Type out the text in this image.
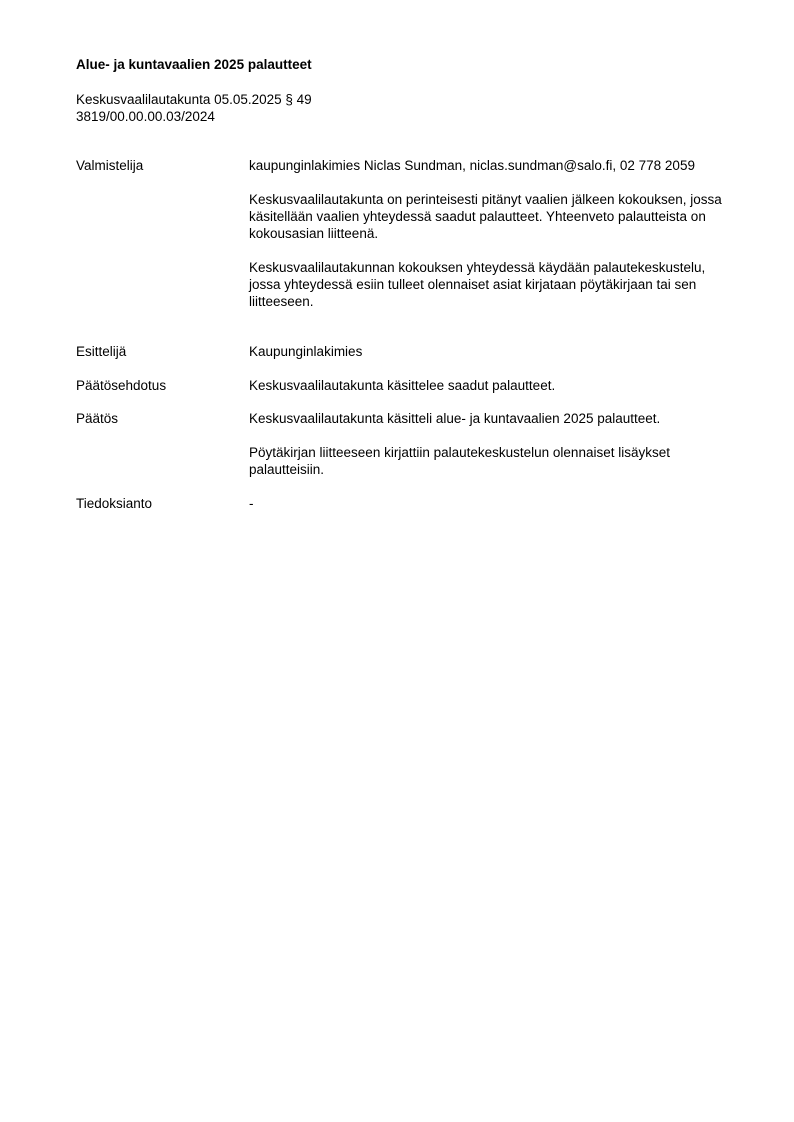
Alue- ja kuntavaalien 2025 palautteet
Keskusvaalilautakunta 05.05.2025 § 49
3819/00.00.00.03/2024
Valmistelija	kaupunginlakimies Niclas Sundman, niclas.sundman@salo.fi, 02 778 2059

Keskusvaalilautakunta on perinteisesti pitänyt vaalien jälkeen kokouksen, jossa käsitellään vaalien yhteydessä saadut palautteet. Yhteenveto palautteista on kokousasian liitteenä.

Keskusvaalilautakunnan kokouksen yhteydessä käydään palautekeskustelu, jossa yhteydessä esiin tulleet olennaiset asiat kirjataan pöytäkirjaan tai sen liitteeseen.

Esittelijä	Kaupunginlakimies
Päätösehdotus	Keskusvaalilautakunta käsittelee saadut palautteet.
Päätös	Keskusvaalilautakunta käsitteli alue- ja kuntavaalien 2025 palautteet.

Pöytäkirjan liitteeseen kirjattiin palautekeskustelun olennaiset lisäykset palautteisiin.

Tiedoksianto	-
